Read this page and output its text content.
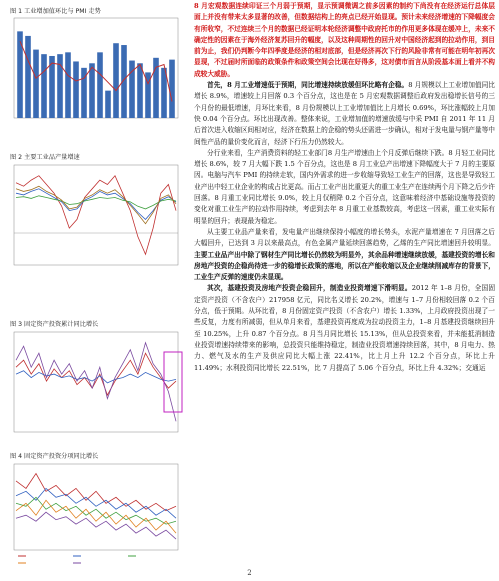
图 1 工业增加值环比与 PMI 走势
图 2 主要工业品产量增速
图 3 固定资产投资累计同比增长
图 4 固定资产投资分项同比增长

8 月宏观数据连续印证三个月弱于预期，显示预调微调之前多因素的制约下尚没有在经济运行总体层面上并没有带来太多显著的改善，但数据结构上的亮点已经开始显现。预计未来经济增速的下降幅度会有所收窄，不过连续三个月的数据已经证明本轮经济调整中政府托市的作用更多体现在缓冲上，未来不确定性的因素在于海外经济复苏回升的幅度，以及这种周期性的回升对中国经济起到的拉动作用，到目前为止，我们仍判断今年四季度是经济的相对底部，但是经济再次下行的风险非常有可能在明年初再次显现，不过届时所面临的政策条件和政策空间会比现在好得多，这对债市而言从阶段基本面上看并不构成较大威胁。

首先，8 月工业增速低于预期，同比增速持续放缓但环比略有企稳。8 月规模以上工业增加值同比增长 8.9%，增速较上月回落 0.3 个百分点，这也是在 5 月宏观数据调整后政府发出稳增长信号的三个月份的最低增速，月环比来看，8 月份规模以上工业增加值比上月增长 0.69%，环比涨幅较上月加快 0.04 个百分点。环比出现改善。整体来说，工业增加值的增速放缓与中采 PMI 自 2011 年 11 月后首次进入收缩区间相对应，经济在数据上的企稳的势头还需进一步确认，相对于发电量与钢产量等中间性产品的量价变化而言，经济下行压力仍然较大。

分行业来看，生产消费资料的轻工业部门8 月生产增速由上个月反弹后继续下跌。8 月轻工业同比增长 8.6%，较 7 月大幅下跌 1.5 个百分点，这也是 8 月工业总产出增速下降幅度大于 7 月的主要原因。电脑与汽车 PMI 的持续走软，国内外需求的进一步收缩导致轻工业生产的回落，这也是导致轻工业产出中轻工业企业的构成占比更高。而占工业产出比重更大的重工业生产在连续两个月下降之后少许回落。8 月重工业同比增长 9.0%，较上月仅稍降 0.2 个百分点，这意味着经济中基础设施等投资的变化对重工业生产的拉动作用持续，考虑到去年 8 月重工业基数较高，考虑这一因素，重工业实际有明显的回升；表现最为稳定。

从主要工业品产量来看，发电量产出继续保持小幅度的增长势头，水泥产量增速在 7 月回落之后大幅回升，已达到 3 月以来最高点，有色金属产量延续回落趋势，乙烯的生产同比增速回升较明显。主要工业品产出中除了钢材生产同比增长仍然较为明显外，其余品种增速继续放缓，基建投资的增长和房地产投资的企稳尚待进一步的稳增长政策的落地，所以在产能收缩以及企业继续削减库存的背景下，工业生产反弹的速度仍未显现。

其次，基建投资及房地产投资企稳回升，制造业投资增速下滑明显。2012 年 1–8 月份，全国固定资产投资（不含农户）217958 亿元，同比名义增长 20.2%，增速与 1–7 月份相较回落 0.2 个百分点，低于预期。从环比看，8 月份固定资产投资（不含农户）增长 1.33%，上月政府投资出现了一些反复，力度有所减弱，但从单月来看，基建投资再度成为拉动投资主力，1–8 月基建投资继续回升至 10.25%，上升 0.87 个百分点。8 月当月同比增长 15.13%，但从总投资来看，并未能抵消制造业投资增速持续带来的影响，总投资只能维持稳定，制造业投资增速持续回落，其中，8 月电力、热力、燃气及水的生产及供应同比大幅上涨 22.41%，比上月上升 12.2 个百分点，环比上升 11.49%；水利投资同比增长 22.51%，比 7 月提高了 5.06 个百分点，环比上升 4.32%；交通运

2
